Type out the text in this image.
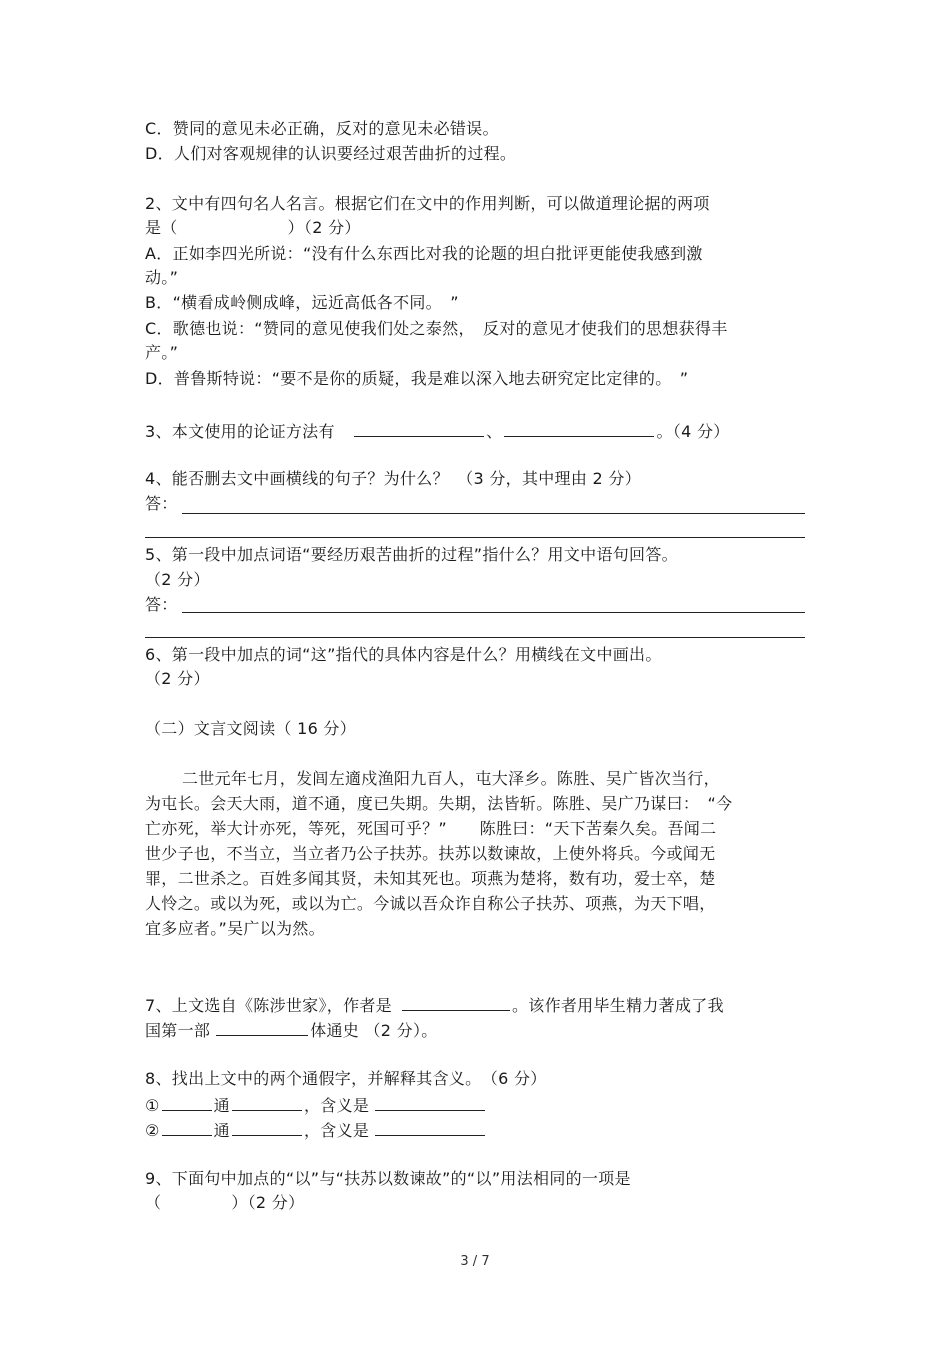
C．赞同的意见未必正确，反对的意见未必错误。
D．人们对客观规律的认识要经过艰苦曲折的过程。
2、文中有四句名人名言。根据它们在文中的作用判断，可以做道理论据的两项
是（	）（2 分）
A．正如李四光所说：“没有什么东西比对我的论题的坦白批评更能使我感到激
动。”
B．“横看成岭侧成峰，远近高低各不同。　”
C．歌德也说：“赞同的意见使我们处之泰然，　反对的意见才使我们的思想获得丰
产。”
D．普鲁斯特说：“要不是你的质疑，我是难以深入地去研究定比定律的。　”
3、本文使用的论证方法有	、	。（4 分）
4、能否删去文中画横线的句子？为什么？　（3 分，其中理由 2 分）
答：
5、第一段中加点词语“要经历艰苦曲折的过程”指什么？用文中语句回答。
（2 分）
答：
6、第一段中加点的词“这”指代的具体内容是什么？用横线在文中画出。
（2 分）
（二）文言文阅读（ 16 分）
二世元年七月，发闾左適戍渔阳九百人，屯大泽乡。陈胜、吴广皆次当行，
为屯长。会天大雨，道不通，度已失期。失期，法皆斩。陈胜、吴广乃谋曰：　“今
亡亦死，举大计亦死，等死，死国可乎？”　　陈胜曰：“天下苦秦久矣。吾闻二
世少子也，不当立，当立者乃公子扶苏。扶苏以数谏故，上使外将兵。今或闻无
罪，二世杀之。百姓多闻其贤，未知其死也。项燕为楚将，数有功，爱士卒，楚
人怜之。或以为死，或以为亡。今诚以吾众诈自称公子扶苏、项燕，为天下唱，
宜多应者。”吴广以为然。
7、上文选自《陈涉世家》，作者是	。该作者用毕生精力著成了我
国第一部	体通史 （2 分）。
8、找出上文中的两个通假字，并解释其含义。　（6 分）
①	通	，含义是
②	通	，含义是
9、下面句中加点的“以”与“扶苏以数谏故”的“以”用法相同的一项是
（	）（2 分）
3 / 7
